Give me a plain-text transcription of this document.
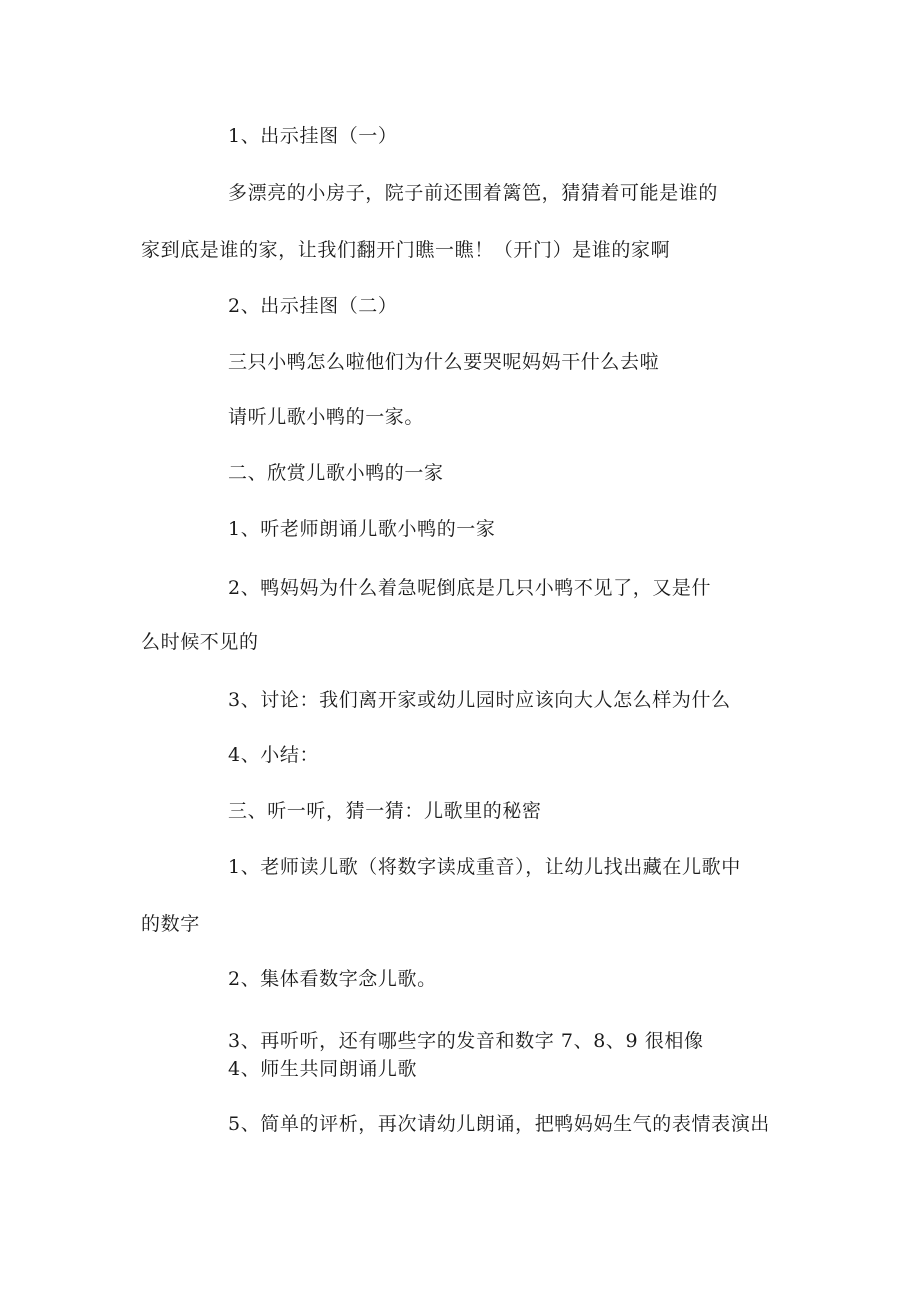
1、出示挂图（一）
多漂亮的小房子，院子前还围着篱笆，猜猜着可能是谁的
家到底是谁的家，让我们翻开门瞧一瞧！（开门）是谁的家啊
2、出示挂图（二）
三只小鸭怎么啦他们为什么要哭呢妈妈干什么去啦
请听儿歌小鸭的一家。
二、欣赏儿歌小鸭的一家
1、听老师朗诵儿歌小鸭的一家
2、鸭妈妈为什么着急呢倒底是几只小鸭不见了，又是什
么时候不见的
3、讨论：我们离开家或幼儿园时应该向大人怎么样为什么
4、小结：
三、听一听，猜一猜：儿歌里的秘密
1、老师读儿歌（将数字读成重音），让幼儿找出藏在儿歌中
的数字
2、集体看数字念儿歌。
3、再听听，还有哪些字的发音和数字 7、8、9 很相像
4、师生共同朗诵儿歌
5、简单的评析，再次请幼儿朗诵，把鸭妈妈生气的表情表演出
